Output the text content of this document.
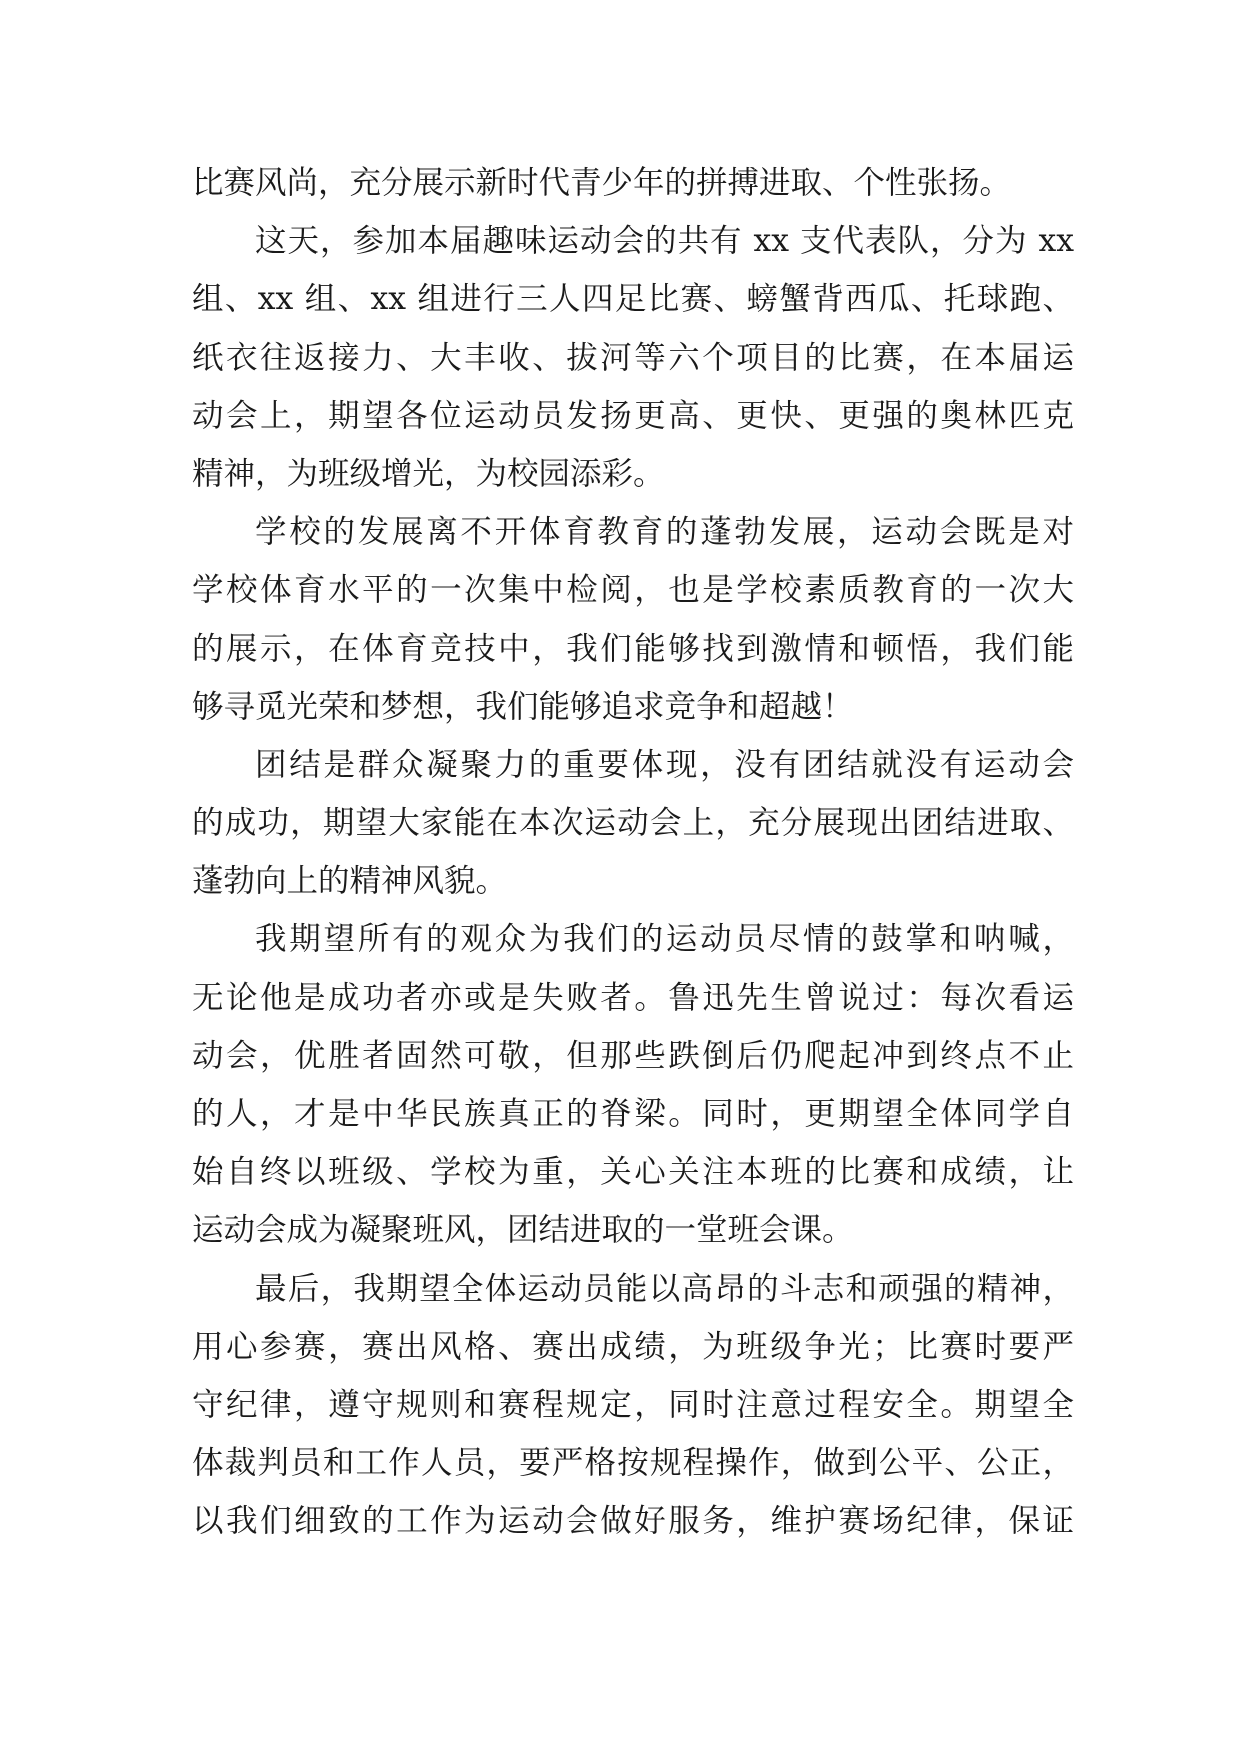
比赛风尚，充分展示新时代青少年的拼搏进取、个性张扬。
这天，参加本届趣味运动会的共有 xx 支代表队，分为 xx
组、xx 组、xx 组进行三人四足比赛、螃蟹背西瓜、托球跑、
纸衣往返接力、大丰收、拔河等六个项目的比赛，在本届运
动会上，期望各位运动员发扬更高、更快、更强的奥林匹克
精神，为班级增光，为校园添彩。
学校的发展离不开体育教育的蓬勃发展，运动会既是对
学校体育水平的一次集中检阅，也是学校素质教育的一次大
的展示，在体育竞技中，我们能够找到激情和顿悟，我们能
够寻觅光荣和梦想，我们能够追求竞争和超越！
团结是群众凝聚力的重要体现，没有团结就没有运动会
的成功，期望大家能在本次运动会上，充分展现出团结进取、
蓬勃向上的精神风貌。
我期望所有的观众为我们的运动员尽情的鼓掌和呐喊，
无论他是成功者亦或是失败者。鲁迅先生曾说过：每次看运
动会，优胜者固然可敬，但那些跌倒后仍爬起冲到终点不止
的人，才是中华民族真正的脊梁。同时，更期望全体同学自
始自终以班级、学校为重，关心关注本班的比赛和成绩，让
运动会成为凝聚班风，团结进取的一堂班会课。
最后，我期望全体运动员能以高昂的斗志和顽强的精神，
用心参赛，赛出风格、赛出成绩，为班级争光；比赛时要严
守纪律，遵守规则和赛程规定，同时注意过程安全。期望全
体裁判员和工作人员，要严格按规程操作，做到公平、公正，
以我们细致的工作为运动会做好服务，维护赛场纪律，保证
